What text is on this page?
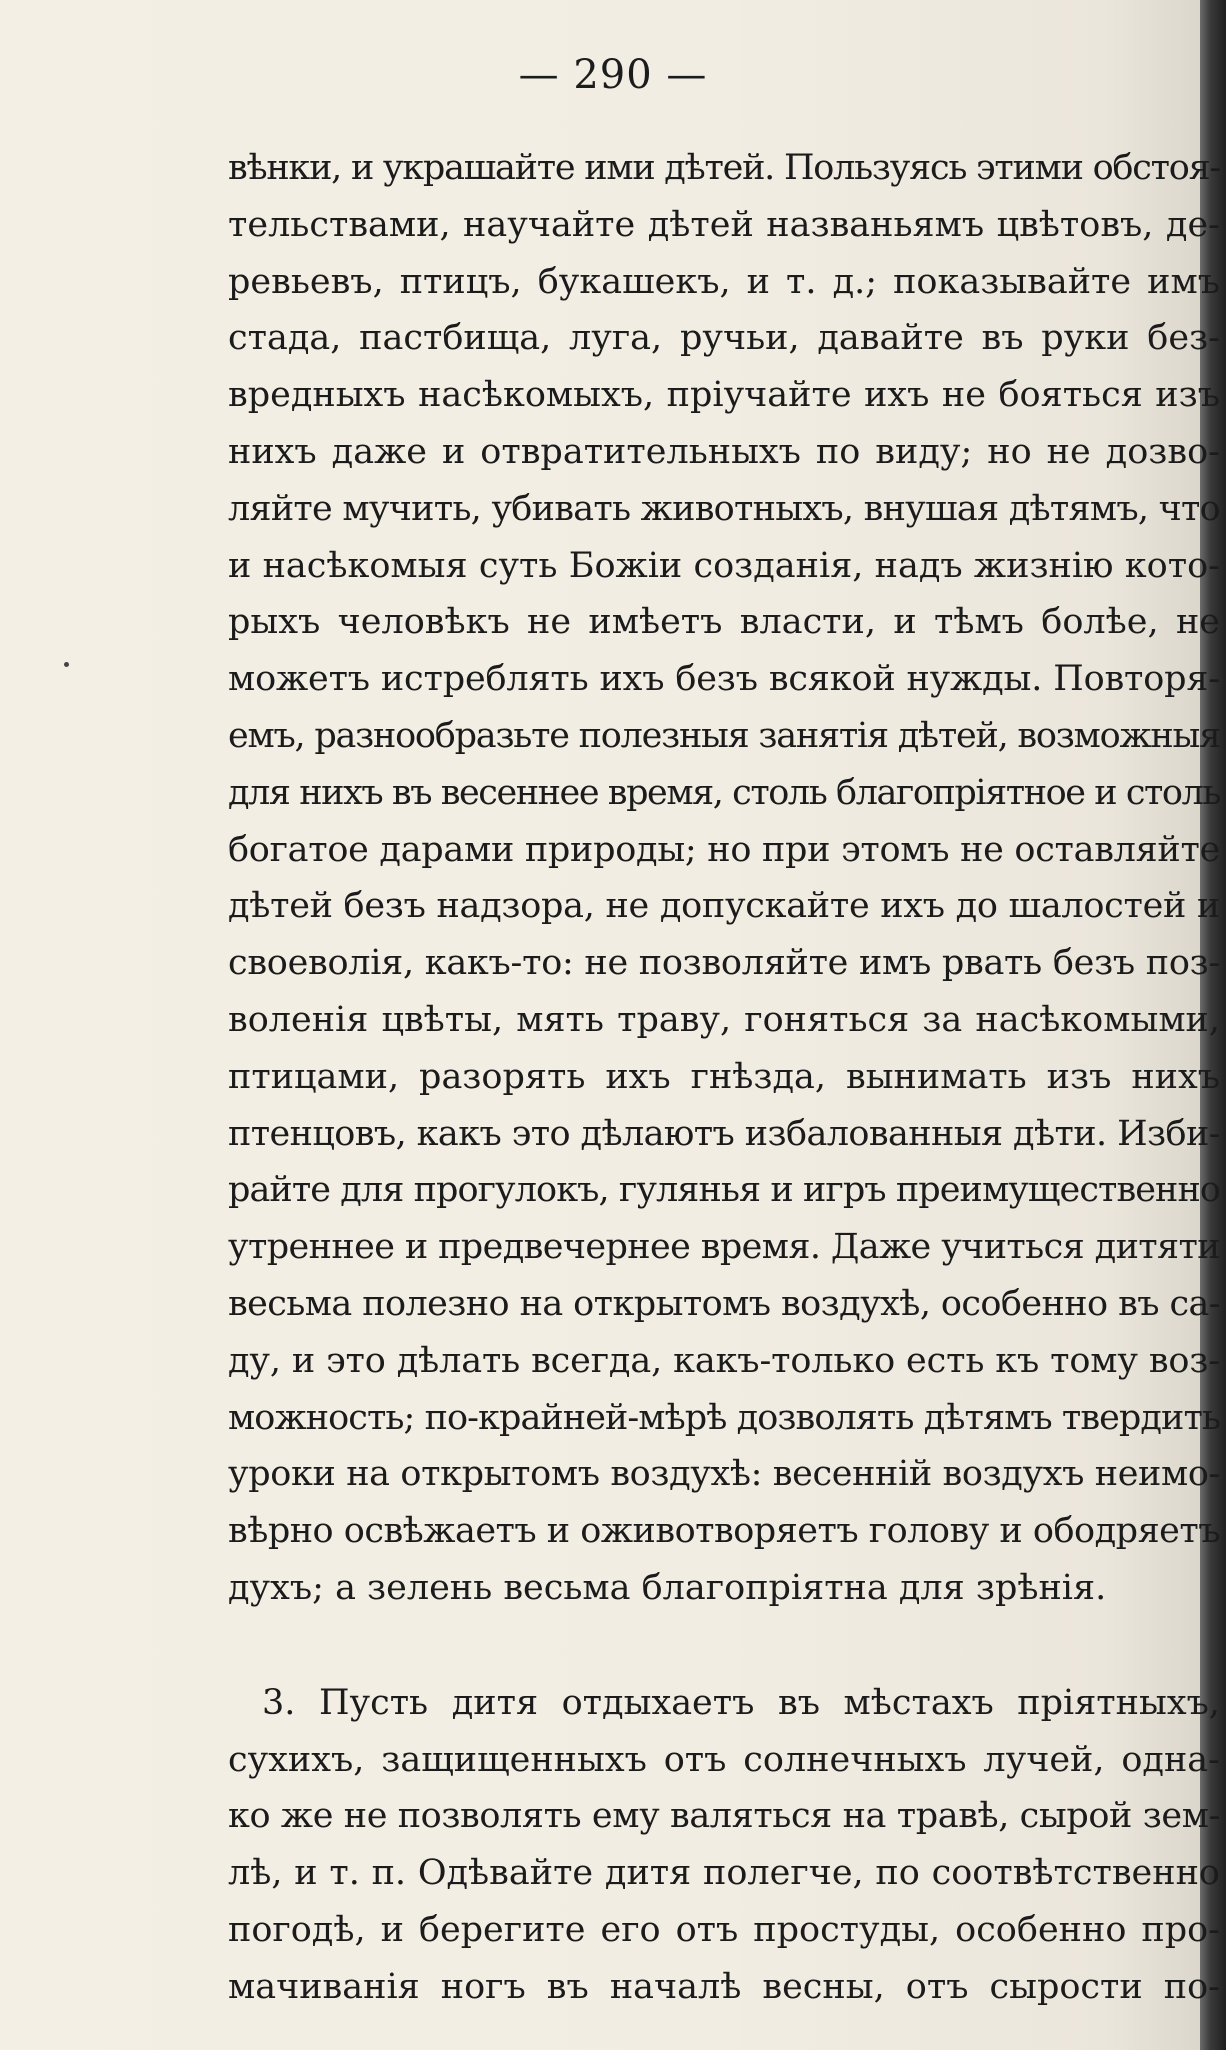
— 290 —
вѣнки, и украшайте ими дѣтей. Пользуясь этими обстоя-
тельствами, научайте дѣтей названьямъ цвѣтовъ, де-
ревьевъ, птицъ, букашекъ, и т. д.; показывайте имъ
стада, пастбища, луга, ручьи, давайте въ руки без-
вредныхъ насѣкомыхъ, пріучайте ихъ не бояться изъ
нихъ даже и отвратительныхъ по виду; но не дозво-
ляйте мучить, убивать животныхъ, внушая дѣтямъ, что
и насѣкомыя суть Божіи созданія, надъ жизнію кото-
рыхъ человѣкъ не имѣетъ власти, и тѣмъ болѣе, не
можетъ истреблять ихъ безъ всякой нужды. Повторя-
емъ, разнообразьте полезныя занятія дѣтей, возможныя
для нихъ въ весеннее время, столь благопріятное и столь
богатое дарами природы; но при этомъ не оставляйте
дѣтей безъ надзора, не допускайте ихъ до шалостей и
своеволія, какъ-то: не позволяйте имъ рвать безъ поз-
воленія цвѣты, мять траву, гоняться за насѣкомыми,
птицами, разорять ихъ гнѣзда, вынимать изъ нихъ
птенцовъ, какъ это дѣлаютъ избалованныя дѣти. Изби-
райте для прогулокъ, гулянья и игръ преимущественно
утреннее и предвечернее время. Даже учиться дитяти
весьма полезно на открытомъ воздухѣ, особенно въ са-
ду, и это дѣлать всегда, какъ-только есть къ тому воз-
можность; по-крайней-мѣрѣ дозволять дѣтямъ твердить
уроки на открытомъ воздухѣ: весенній воздухъ неимо-
вѣрно освѣжаетъ и оживотворяетъ голову и ободряетъ
духъ; а зелень весьма благопріятна для зрѣнія.
3. Пусть дитя отдыхаетъ въ мѣстахъ пріятныхъ,
сухихъ, защищенныхъ отъ солнечныхъ лучей, одна-
ко же не позволять ему валяться на травѣ, сырой зем-
лѣ, и т. п. Одѣвайте дитя полегче, по соотвѣтственно
погодѣ, и берегите его отъ простуды, особенно про-
мачиванія ногъ въ началѣ весны, отъ сырости по-
